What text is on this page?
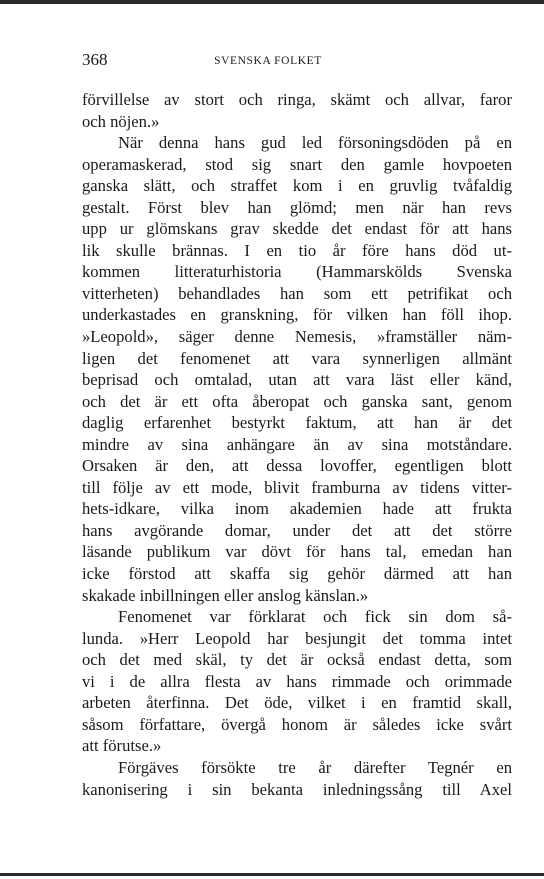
368	SVENSKA FOLKET
förvillelse av stort och ringa, skämt och allvar, faror
och nöjen.»
När denna hans gud led försoningsdöden på en
operamaskerad, stod sig snart den gamle hovpoeten
ganska slätt, och straffet kom i en gruvlig tvåfaldig
gestalt. Först blev han glömd; men när han revs
upp ur glömskans grav skedde det endast för att hans
lik skulle brännas. I en tio år före hans död ut-
kommen litteraturhistoria (Hammarskölds Svenska
vitterheten) behandlades han som ett petrifikat och
underkastades en granskning, för vilken han föll ihop.
»Leopold», säger denne Nemesis, »framställer näm-
ligen det fenomenet att vara synnerligen allmänt
beprisad och omtalad, utan att vara läst eller känd,
och det är ett ofta åberopat och ganska sant, genom
daglig erfarenhet bestyrkt faktum, att han är det
mindre av sina anhängare än av sina motståndare.
Orsaken är den, att dessa lovoffer, egentligen blott
till följe av ett mode, blivit framburna av tidens vitter-
hets-idkare, vilka inom akademien hade att frukta
hans avgörande domar, under det att det större
läsande publikum var dövt för hans tal, emedan han
icke förstod att skaffa sig gehör därmed att han
skakade inbillningen eller anslog känslan.»
Fenomenet var förklarat och fick sin dom så-
lunda. »Herr Leopold har besjungit det tomma intet
och det med skäl, ty det är också endast detta, som
vi i de allra flesta av hans rimmade och orimmade
arbeten återfinna. Det öde, vilket i en framtid skall,
såsom författare, övergå honom är således icke svårt
att förutse.»
Förgäves försökte tre år därefter Tegnér en
kanonisering i sin bekanta inledningssång till Axel
